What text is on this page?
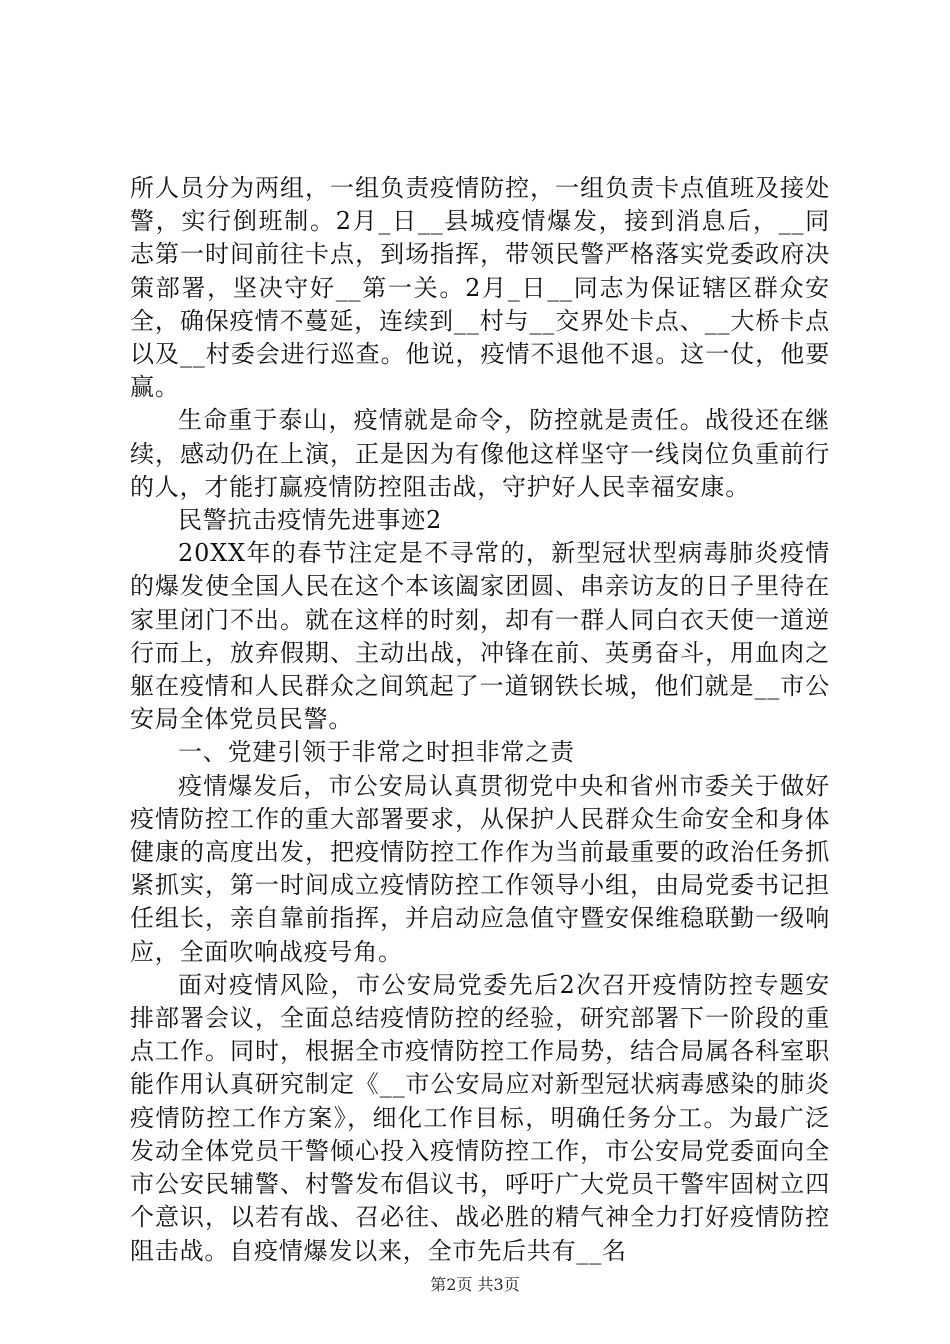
所人员分为两组，一组负责疫情防控，一组负责卡点值班及接处警，实行倒班制。2月_日__县城疫情爆发，接到消息后，__同志第一时间前往卡点，到场指挥，带领民警严格落实党委政府决策部署，坚决守好__第一关。2月_日__同志为保证辖区群众安全，确保疫情不蔓延，连续到__村与__交界处卡点、__大桥卡点以及__村委会进行巡查。他说，疫情不退他不退。这一仗，他要赢。

生命重于泰山，疫情就是命令，防控就是责任。战役还在继续，感动仍在上演，正是因为有像他这样坚守一线岗位负重前行的人，才能打赢疫情防控阻击战，守护好人民幸福安康。

民警抗击疫情先进事迹2

20XX年的春节注定是不寻常的，新型冠状型病毒肺炎疫情的爆发使全国人民在这个本该阖家团圆、串亲访友的日子里待在家里闭门不出。就在这样的时刻，却有一群人同白衣天使一道逆行而上，放弃假期、主动出战，冲锋在前、英勇奋斗，用血肉之躯在疫情和人民群众之间筑起了一道钢铁长城，他们就是__市公安局全体党员民警。

一、党建引领于非常之时担非常之责

疫情爆发后，市公安局认真贯彻党中央和省州市委关于做好疫情防控工作的重大部署要求，从保护人民群众生命安全和身体健康的高度出发，把疫情防控工作作为当前最重要的政治任务抓紧抓实，第一时间成立疫情防控工作领导小组，由局党委书记担任组长，亲自靠前指挥，并启动应急值守暨安保维稳联勤一级响应，全面吹响战疫号角。

面对疫情风险，市公安局党委先后2次召开疫情防控专题安排部署会议，全面总结疫情防控的经验，研究部署下一阶段的重点工作。同时，根据全市疫情防控工作局势，结合局属各科室职能作用认真研究制定《__市公安局应对新型冠状病毒感染的肺炎疫情防控工作方案》，细化工作目标，明确任务分工。为最广泛发动全体党员干警倾心投入疫情防控工作，市公安局党委面向全市公安民辅警、村警发布倡议书，呼吁广大党员干警牢固树立四个意识，以若有战、召必往、战必胜的精气神全力打好疫情防控阻击战。自疫情爆发以来，全市先后共有__名

第2页 共3页
